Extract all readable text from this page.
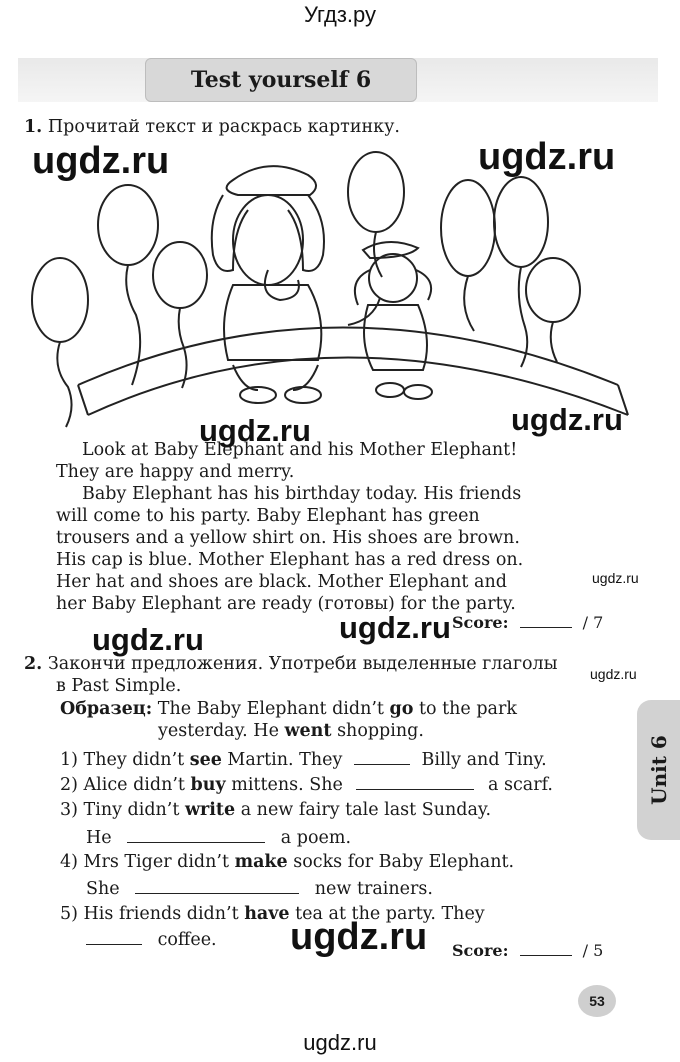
Угдз.ру
ugdz.ru
Test yourself 6
1. Прочитай текст и раскрась картинку.
ugdz.ru	ugdz.ru
ugdz.ru	ugdz.ru
Look at Baby Elephant and his Mother Elephant!
They are happy and merry.
Baby Elephant has his birthday today. His friends
will come to his party. Baby Elephant has green
trousers and a yellow shirt on. His shoes are brown.
His cap is blue. Mother Elephant has a red dress on.
Her hat and shoes are black. Mother Elephant and
her Baby Elephant are ready (готовы) for the party.
ugdz.ru
ugdz.ru	ugdz.ru Score:	/ 7
2. Закончи предложения. Употреби выделенные глаголы
в Past Simple.
ugdz.ru
Образец: The Baby Elephant didn’t go to the park
yesterday. He went shopping.
1) They didn’t see Martin. They	Billy and Tiny.
2) Alice didn’t buy mittens. She	a scarf.
3) Tiny didn’t write a new fairy tale last Sunday.
He	a poem.
4) Mrs Tiger didn’t make socks for Baby Elephant.
She	new trainers.
5) His friends didn’t have tea at the party. They
coffee. ugdz.ru Score:	/ 5
Unit 6
53
